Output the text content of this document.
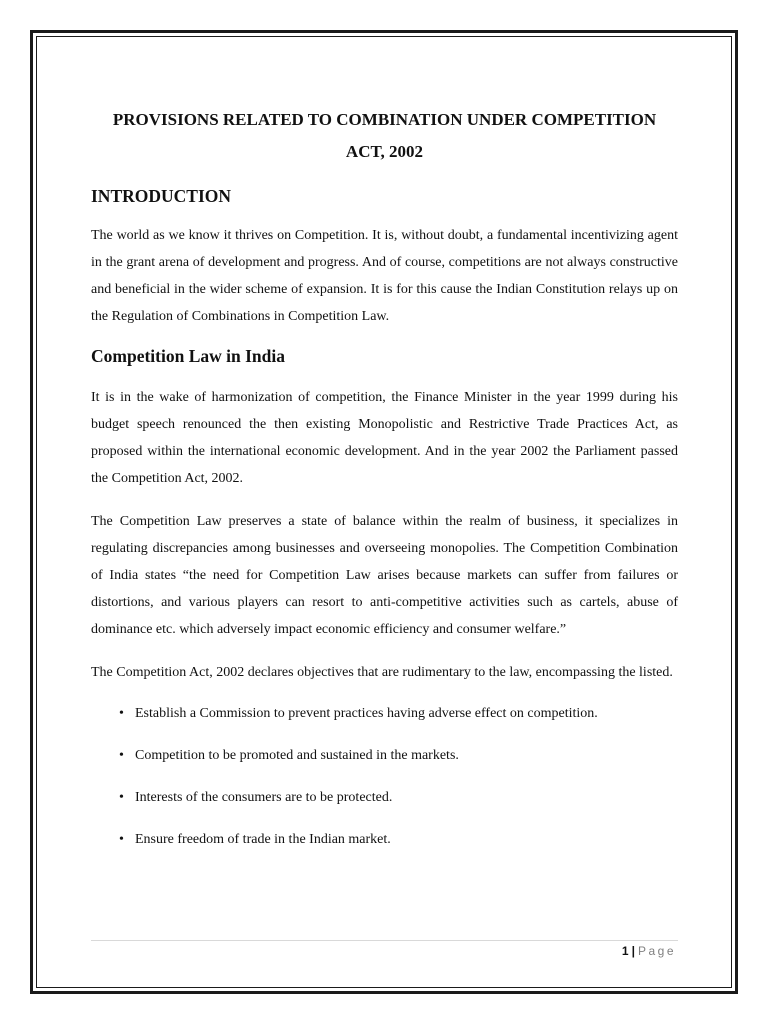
PROVISIONS RELATED TO COMBINATION UNDER COMPETITION
ACT, 2002
INTRODUCTION

The world as we know it thrives on Competition. It is, without doubt, a fundamental incentivizing agent in the grant arena of development and progress. And of course, competitions are not always constructive and beneficial in the wider scheme of expansion. It is for this cause the Indian Constitution relays up on the Regulation of Combinations in Competition Law.

Competition Law in India

It is in the wake of harmonization of competition, the Finance Minister in the year 1999 during his budget speech renounced the then existing Monopolistic and Restrictive Trade Practices Act, as proposed within the international economic development. And in the year 2002 the Parliament passed the Competition Act, 2002.

The Competition Law preserves a state of balance within the realm of business, it specializes in regulating discrepancies among businesses and overseeing monopolies. The Competition Combination of India states “the need for Competition Law arises because markets can suffer from failures or distortions, and various players can resort to anti-competitive activities such as cartels, abuse of dominance etc. which adversely impact economic efficiency and consumer welfare.”

The Competition Act, 2002 declares objectives that are rudimentary to the law, encompassing the listed.

• Establish a Commission to prevent practices having adverse effect on competition.
• Competition to be promoted and sustained in the markets.
• Interests of the consumers are to be protected.
• Ensure freedom of trade in the Indian market.
1 | Page
